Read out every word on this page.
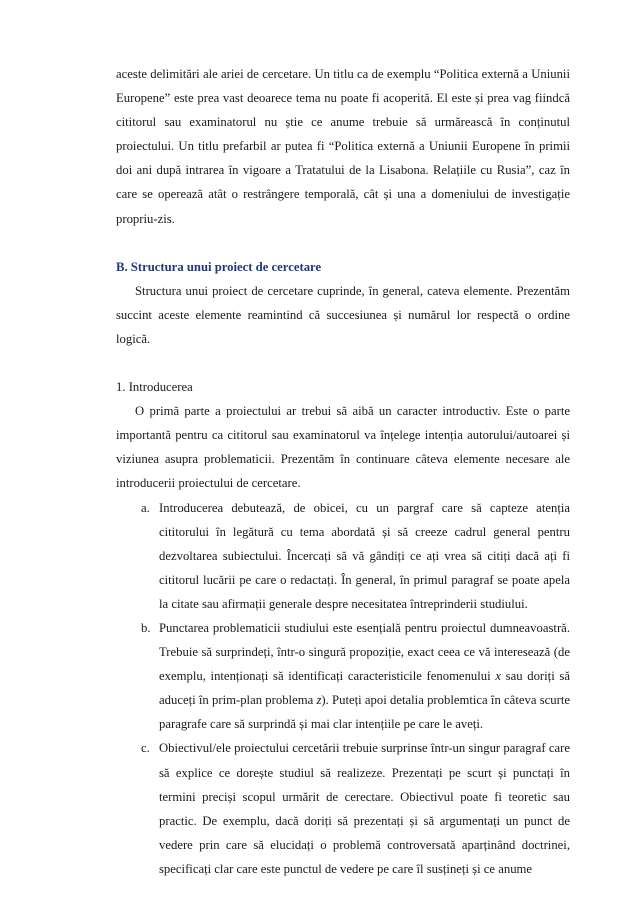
aceste delimitări ale ariei de cercetare. Un titlu ca de exemplu “Politica externă a Uniunii Europene” este prea vast deoarece tema nu poate fi acoperită. El este și prea vag fiindcă cititorul sau examinatorul nu știe ce anume trebuie să urmărească în conținutul proiectului. Un titlu prefarbil ar putea fi “Politica externă a Uniunii Europene în primii doi ani după intrarea în vigoare a Tratatului de la Lisabona. Relațiile cu Rusia”, caz în care se operează atât o restrângere temporală, cât și una a domeniului de investigație propriu-zis.

B. Structura unui proiect de cercetare

Structura unui proiect de cercetare cuprinde, în general, cateva elemente. Prezentăm succint aceste elemente reamintind că succesiunea și numărul lor respectă o ordine logică.

1. Introducerea

O primă parte a proiectului ar trebui să aibă un caracter introductiv. Este o parte importantă pentru ca cititorul sau examinatorul va înțelege intenția autorului/autoarei și viziunea asupra problematicii. Prezentăm în continuare câteva elemente necesare ale introducerii proiectului de cercetare.

a. Introducerea debutează, de obicei, cu un pargraf care să capteze atenția cititorului în legătură cu tema abordată și să creeze cadrul general pentru dezvoltarea subiectului. Încercați să vă gândiți ce ați vrea să citiți dacă ați fi cititorul lucării pe care o redactați. În general, în primul paragraf se poate apela la citate sau afirmații generale despre necesitatea întreprinderii studiului.
b. Punctarea problematicii studiului este esențială pentru proiectul dumneavoastră. Trebuie să surprindeți, într-o singură propoziție, exact ceea ce vă interesează (de exemplu, intenționați să identificați caracteristicile fenomenului x sau doriți să aduceți în prim-plan problema z). Puteți apoi detalia problemtica în câteva scurte paragrafe care să surprindă și mai clar intențiile pe care le aveți.
c. Obiectivul/ele proiectului cercetării trebuie surprinse într-un singur paragraf care să explice ce dorește studiul să realizeze. Prezentați pe scurt și punctați în termini preciși scopul urmărit de cerectare. Obiectivul poate fi teoretic sau practic. De exemplu, dacă doriți să prezentați și să argumentați un punct de vedere prin care să elucidați o problemă controversată aparținând doctrinei, specificați clar care este punctul de vedere pe care îl susțineți și ce anume
